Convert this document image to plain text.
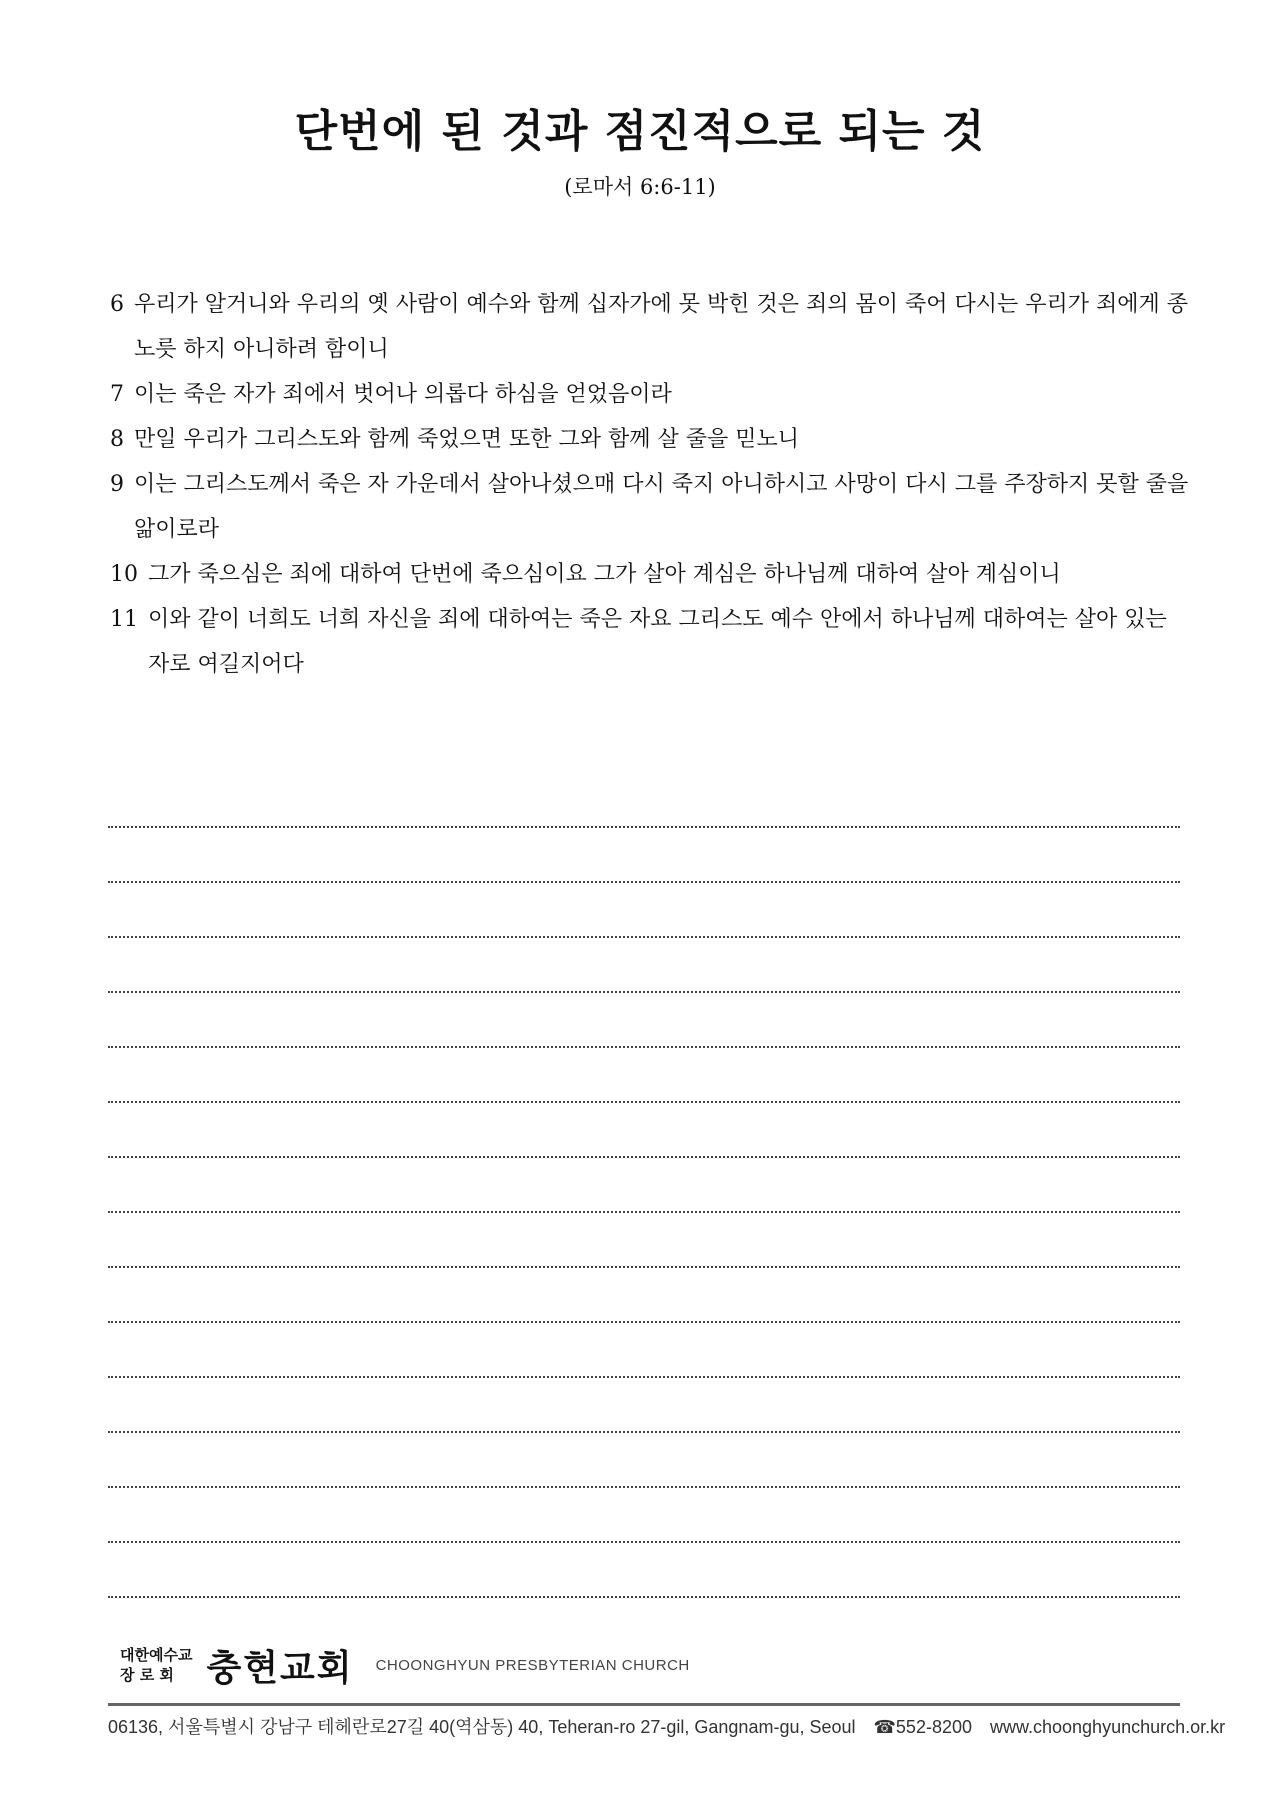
단번에 된 것과 점진적으로 되는 것
(로마서 6:6-11)
6 우리가 알거니와 우리의 옛 사람이 예수와 함께 십자가에 못 박힌 것은 죄의 몸이 죽어 다시는 우리가 죄에게 종 노릇 하지 아니하려 함이니
7 이는 죽은 자가 죄에서 벗어나 의롭다 하심을 얻었음이라
8 만일 우리가 그리스도와 함께 죽었으면 또한 그와 함께 살 줄을 믿노니
9 이는 그리스도께서 죽은 자 가운데서 살아나셨으매 다시 죽지 아니하시고 사망이 다시 그를 주장하지 못할 줄을 앎이로라
10 그가 죽으심은 죄에 대하여 단번에 죽으심이요 그가 살아 계심은 하나님께 대하여 살아 계심이니
11 이와 같이 너희도 너희 자신을 죄에 대하여는 죽은 자요 그리스도 예수 안에서 하나님께 대하여는 살아 있는 자로 여길지어다
대한예수교
장 로 회 충현교회 CHOONGHYUN PRESBYTERIAN CHURCH
06136, 서울특별시 강남구 테헤란로27길 40(역삼동) 40, Teheran-ro 27-gil, Gangnam-gu, Seoul ☎552-8200 www.choonghyunchurch.or.kr
